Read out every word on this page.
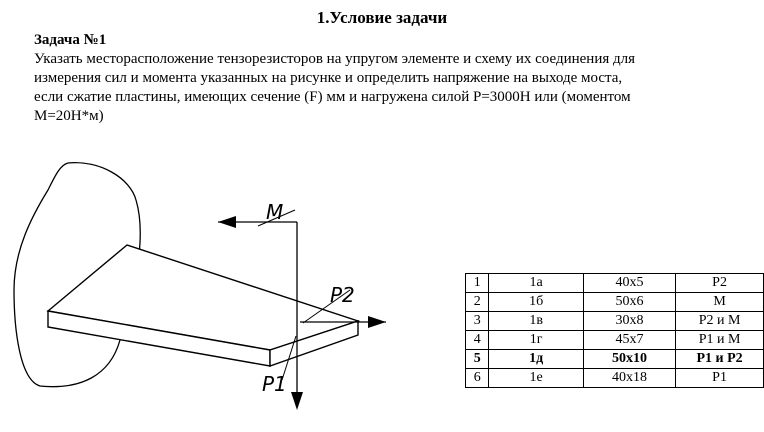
1.Условие задачи
Задача №1
Указать месторасположение тензорезисторов на упругом элементе и схему их соединения для
измерения сил и момента указанных на рисунке и определить напряжение на выходе моста,
если сжатие пластины, имеющих сечение (F) мм и нагружена силой Р=3000Н или (моментом
М=20Н*м)
M
P2
P1
1	1а	40x5	P2
2	1б	50x6	M
3	1в	30x8	P2 и M
4	1г	45x7	P1 и M
5	1д	50x10	P1 и P2
6	1е	40x18	P1
